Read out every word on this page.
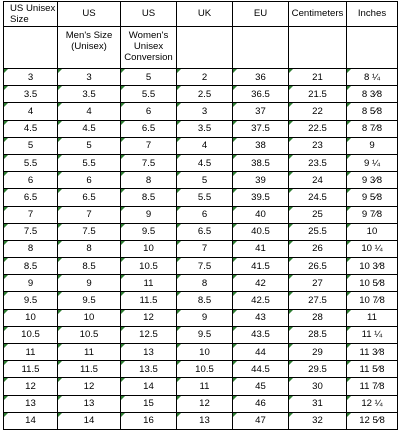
US Unisex Size	US	US	UK	EU	Centimeters	Inches
	Men's Size (Unisex)	Women's Unisex Conversion				
3	3	5	2	36	21	8 ¼
3.5	3.5	5.5	2.5	36.5	21.5	8 3⁄8
4	4	6	3	37	22	8 5⁄8
4.5	4.5	6.5	3.5	37.5	22.5	8 7⁄8
5	5	7	4	38	23	9
5.5	5.5	7.5	4.5	38.5	23.5	9 ¼
6	6	8	5	39	24	9 3⁄8
6.5	6.5	8.5	5.5	39.5	24.5	9 5⁄8
7	7	9	6	40	25	9 7⁄8
7.5	7.5	9.5	6.5	40.5	25.5	10
8	8	10	7	41	26	10 ¼
8.5	8.5	10.5	7.5	41.5	26.5	10 3⁄8
9	9	11	8	42	27	10 5⁄8
9.5	9.5	11.5	8.5	42.5	27.5	10 7⁄8
10	10	12	9	43	28	11
10.5	10.5	12.5	9.5	43.5	28.5	11 ¼
11	11	13	10	44	29	11 3⁄8
11.5	11.5	13.5	10.5	44.5	29.5	11 5⁄8
12	12	14	11	45	30	11 7⁄8
13	13	15	12	46	31	12 ¼
14	14	16	13	47	32	12 5⁄8
